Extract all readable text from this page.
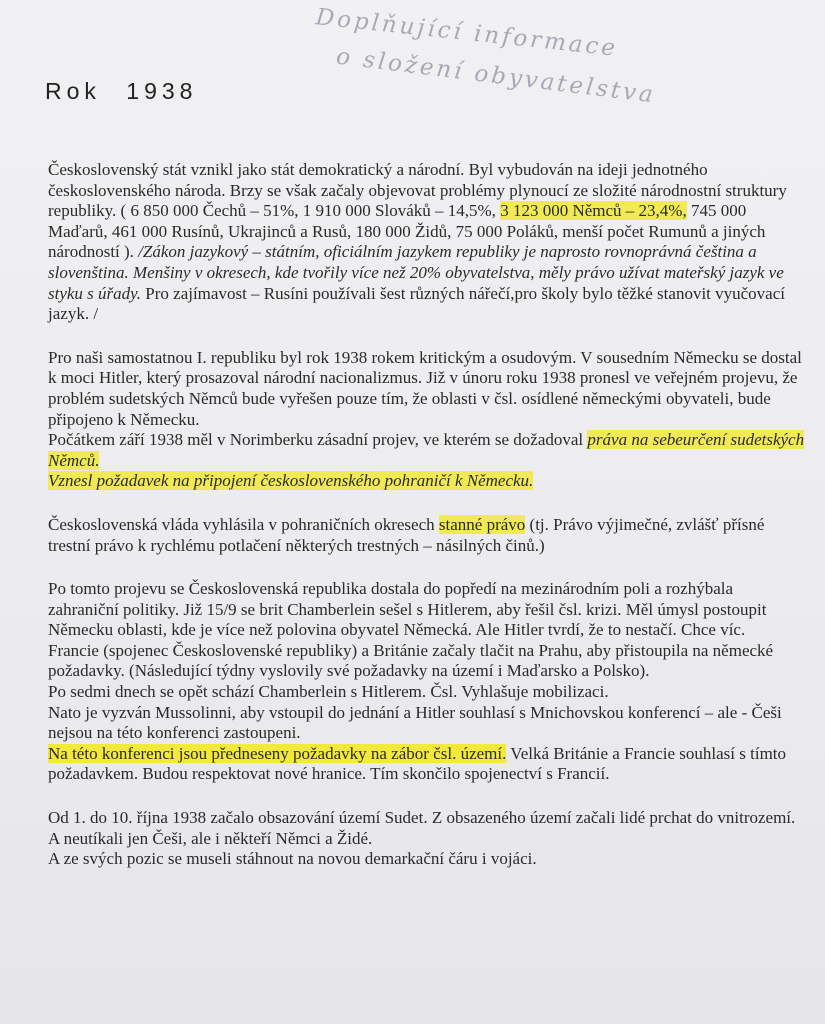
Doplňující informace
o složení obyvatelstva
Rok 1938

Československý stát vznikl jako stát demokratický a národní. Byl vybudován na ideji jednotného československého národa. Brzy se však začaly objevovat problémy plynoucí ze složité národnostní struktury republiky. ( 6 850 000 Čechů – 51%, 1 910 000 Slováků – 14,5%, 3 123 000 Němců – 23,4%, 745 000 Maďarů, 461 000 Rusínů, Ukrajinců a Rusů, 180 000 Židů, 75 000 Poláků, menší počet Rumunů a jiných národností ). /Zákon jazykový – státním, oficiálním jazykem republiky je naprosto rovnoprávná čeština a slovenština. Menšiny v okresech, kde tvořily více než 20% obyvatelstva, měly právo užívat mateřský jazyk ve styku s úřady. Pro zajímavost – Rusíni používali šest různých nářečí,pro školy bylo těžké stanovit vyučovací jazyk. /

Pro naši samostatnou I. republiku byl rok 1938 rokem kritickým a osudovým. V sousedním Německu se dostal k moci Hitler, který prosazoval národní nacionalizmus. Již v únoru roku 1938 pronesl ve veřejném projevu, že problém sudetských Němců bude vyřešen pouze tím, že oblasti v čsl. osídlené německými obyvateli, bude připojeno k Německu.
Počátkem září 1938 měl v Norimberku zásadní projev, ve kterém se dožadoval práva na sebeurčení sudetských Němců.
Vznesl požadavek na připojení československého pohraničí k Německu.

Československá vláda vyhlásila v pohraničních okresech stanné právo (tj. Právo výjimečné, zvlášť přísné trestní právo k rychlému potlačení některých trestných – násilných činů.)

Po tomto projevu se Československá republika dostala do popředí na mezinárodním poli a rozhýbala zahraniční politiky. Již 15/9 se brit Chamberlein sešel s Hitlerem, aby řešil čsl. krizi. Měl úmysl postoupit Německu oblasti, kde je více než polovina obyvatel Německá. Ale Hitler tvrdí, že to nestačí. Chce víc.
Francie (spojenec Československé republiky) a Británie začaly tlačit na Prahu, aby přistoupila na německé požadavky. (Následující týdny vyslovily své požadavky na území i Maďarsko a Polsko).
Po sedmi dnech se opět schází Chamberlein s Hitlerem. Čsl. Vyhlašuje mobilizaci.
Nato je vyzván Mussolinni, aby vstoupil do jednání a Hitler souhlasí s Mnichovskou konferencí – ale - Češi nejsou na této konferenci zastoupeni.
Na této konferenci jsou předneseny požadavky na zábor čsl. území. Velká Británie a Francie souhlasí s tímto požadavkem. Budou respektovat nové hranice. Tím skončilo spojenectví s Francií.

Od 1. do 10. října 1938 začalo obsazování území Sudet. Z obsazeného území začali lidé prchat do vnitrozemí. A neutíkali jen Češi, ale i někteří Němci a Židé.
A ze svých pozic se museli stáhnout na novou demarkační čáru i vojáci.
